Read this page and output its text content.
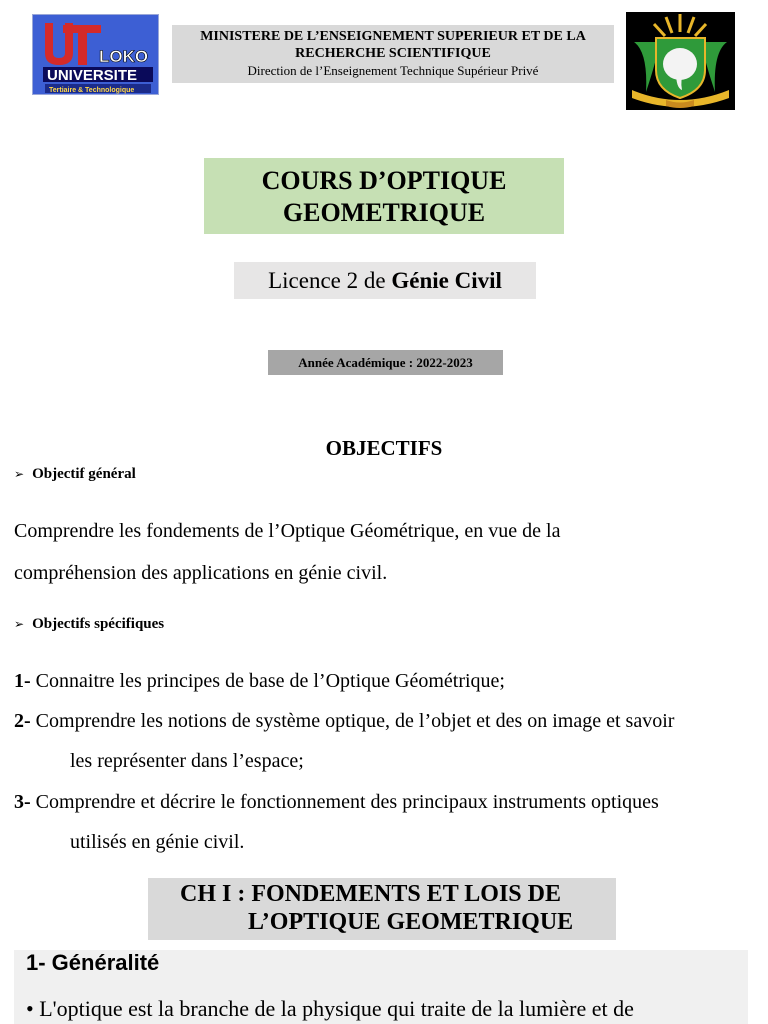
LOKO
UNIVERSITE
Tertiaire & Technologique
MINISTERE DE L’ENSEIGNEMENT SUPERIEUR ET DE LA
RECHERCHE SCIENTIFIQUE
Direction de l’Enseignement Technique Supérieur Privé
COURS D’OPTIQUE
GEOMETRIQUE
Licence 2 de Génie Civil
Année Académique : 2022-2023
OBJECTIFS
➢ Objectif général
Comprendre les fondements de l’Optique Géométrique, en vue de la
compréhension des applications en génie civil.
➢ Objectifs spécifiques
1- Connaitre les principes de base de l’Optique Géométrique;
2- Comprendre les notions de système optique, de l’objet et des on image et savoir
les représenter dans l’espace;
3- Comprendre et décrire le fonctionnement des principaux instruments optiques
utilisés en génie civil.
CH I : FONDEMENTS ET LOIS DE
L’OPTIQUE GEOMETRIQUE
1- Généralité
• L'optique est la branche de la physique qui traite de la lumière et de
